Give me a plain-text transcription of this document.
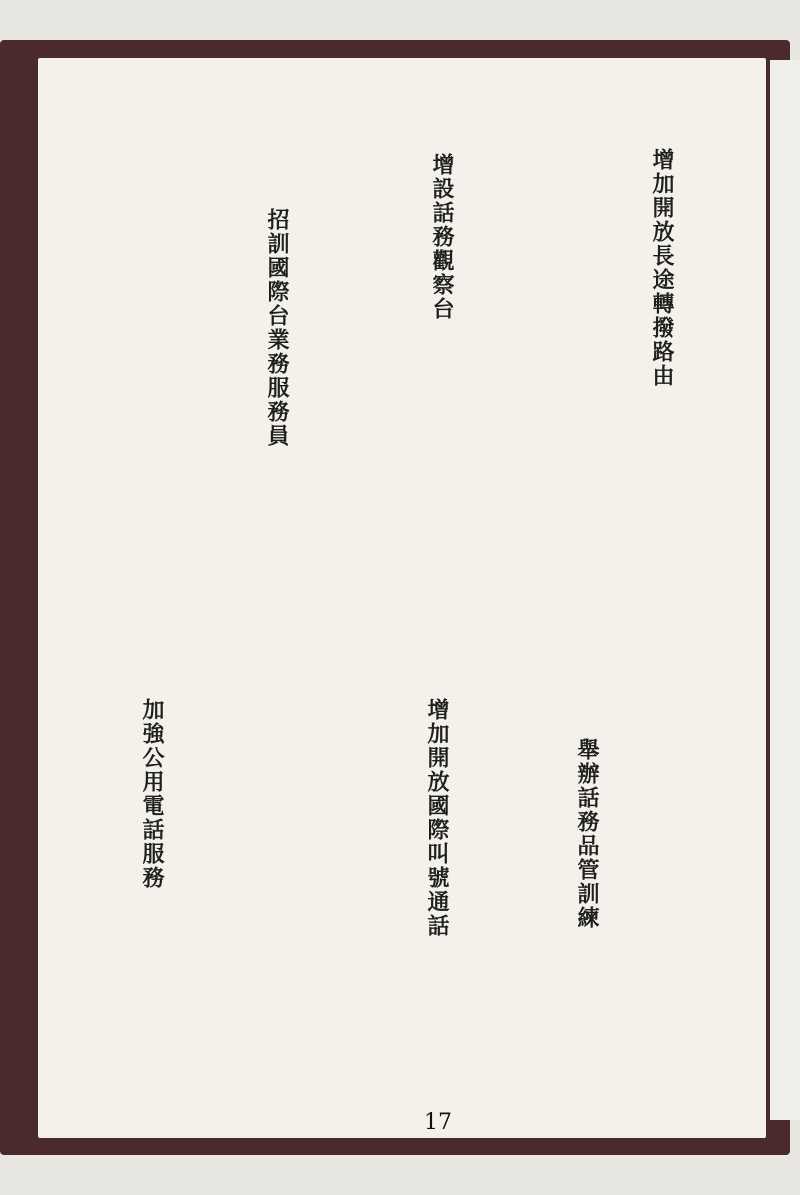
增加開放長途轉撥路由
增設話務觀察台
招訓國際台業務服務員
舉辦話務品管訓練
增加開放國際叫號通話
加強公用電話服務
17
